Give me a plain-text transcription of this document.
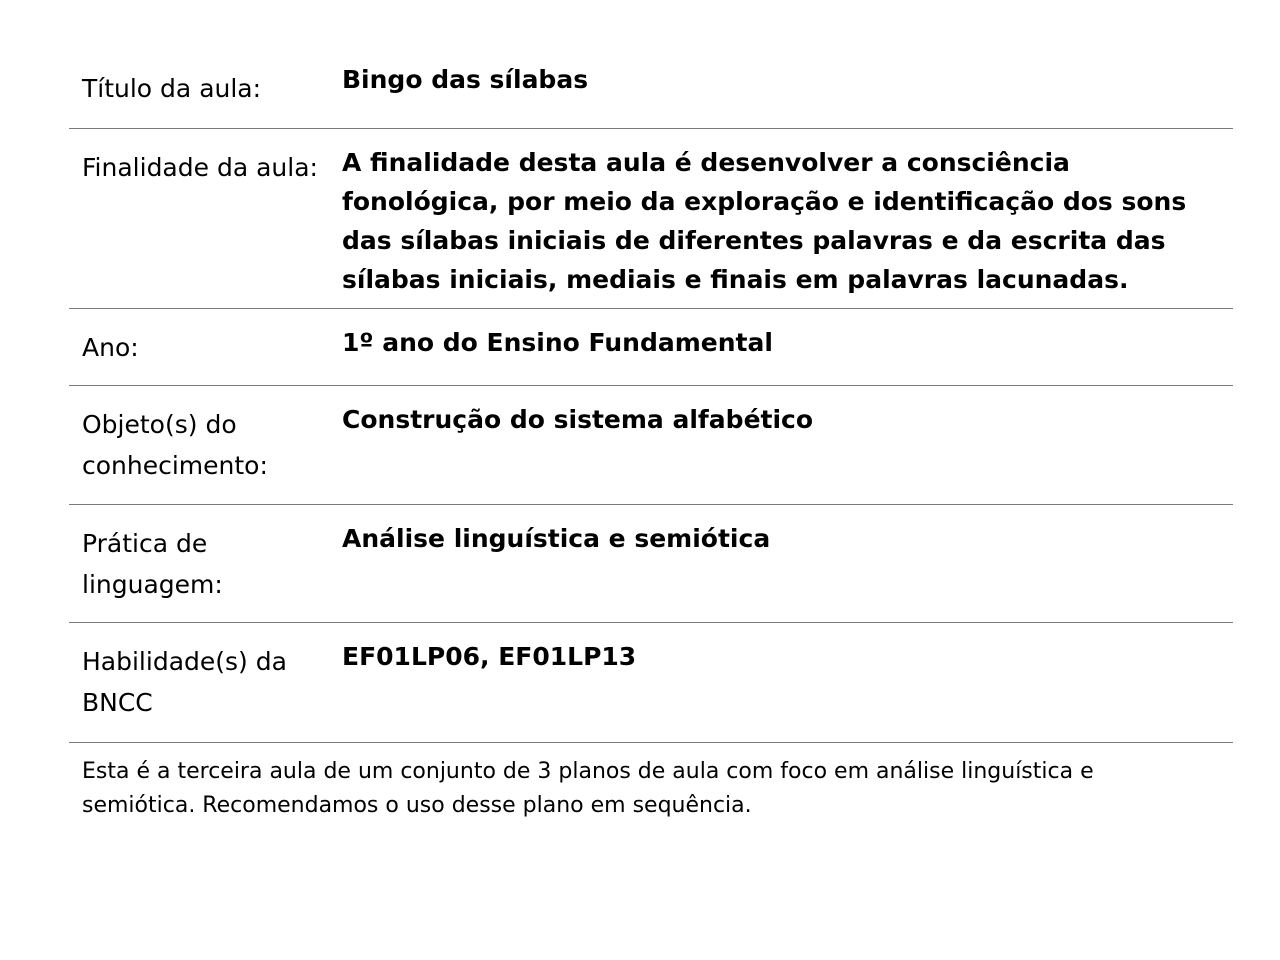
Título da aula:	Bingo das sílabas
Finalidade da aula:	A finalidade desta aula é desenvolver a consciência fonológica, por meio da exploração e identificação dos sons das sílabas iniciais de diferentes palavras e da escrita das sílabas iniciais, mediais e finais em palavras lacunadas.
Ano:	1º ano do Ensino Fundamental
Objeto(s) do conhecimento:	Construção do sistema alfabético
Prática de linguagem:	Análise linguística e semiótica
Habilidade(s) da BNCC	EF01LP06, EF01LP13

Esta é a terceira aula de um conjunto de 3 planos de aula com foco em análise linguística e semiótica. Recomendamos o uso desse plano em sequência.
